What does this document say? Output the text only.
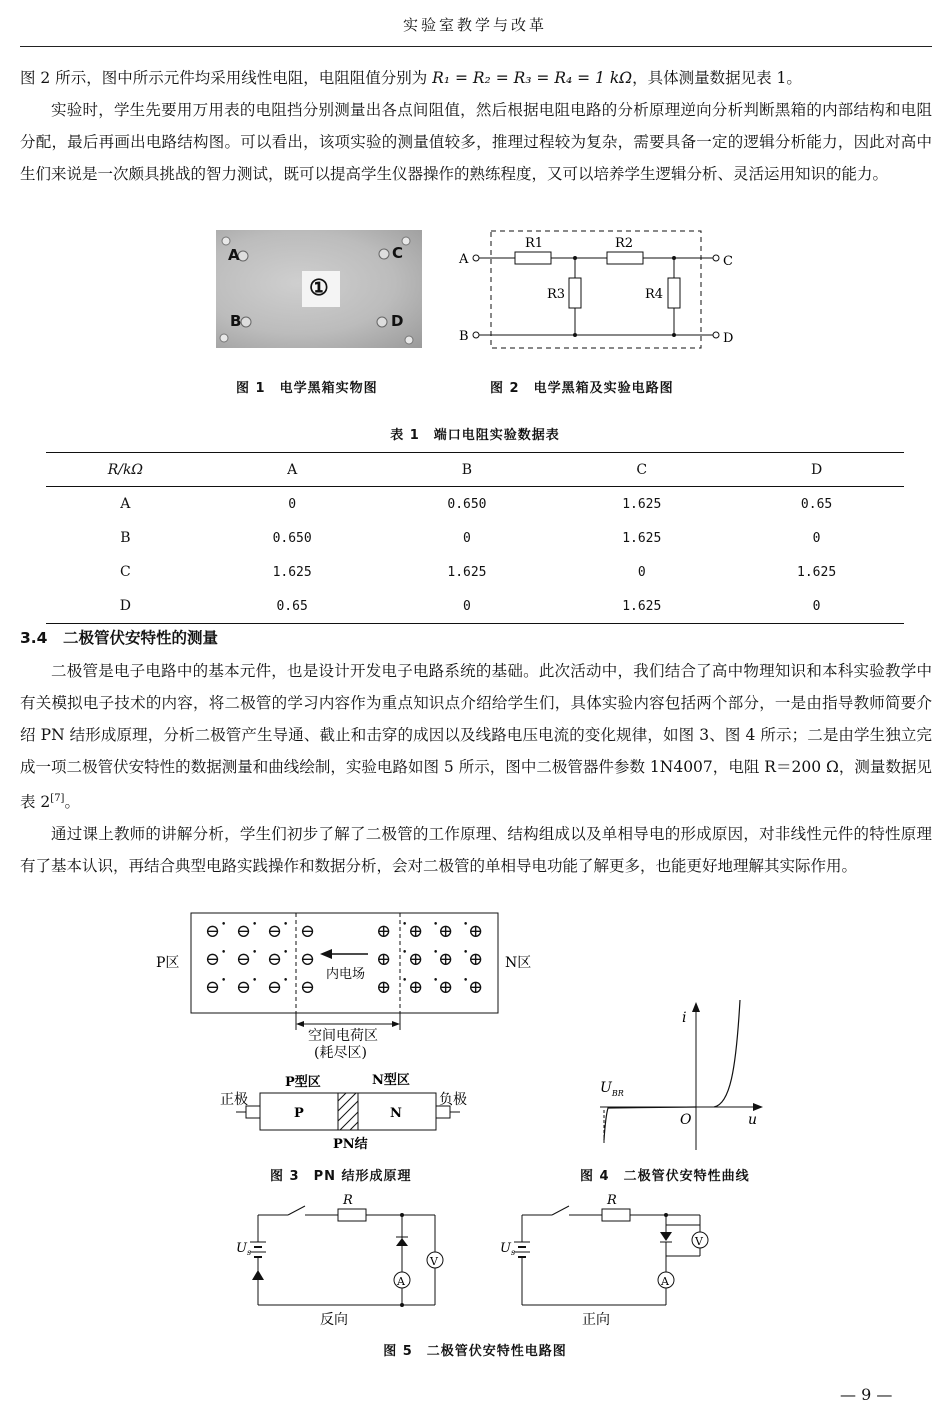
实验室教学与改革

图 2 所示，图中所示元件均采用线性电阻，电阻阻值分别为 R₁ = R₂ = R₃ = R₄ = 1 kΩ，具体测量数据见表 1。

实验时，学生先要用万用表的电阻挡分别测量出各点间阻值，然后根据电阻电路的分析原理逆向分析判断黑箱的内部结构和电阻分配，最后再画出电路结构图。可以看出，该项实验的测量值较多，推理过程较为复杂，需要具备一定的逻辑分析能力，因此对高中生们来说是一次颇具挑战的智力测试，既可以提高学生仪器操作的熟练程度，又可以培养学生逻辑分析、灵活运用知识的能力。

A	C
B	D
①
A
B
C
D
R1	R2
R3	R4
图 1　电学黑箱实物图	图 2　电学黑箱及实验电路图
表 1　端口电阻实验数据表
R/kΩ	A	B	C	D
A	0	0.650	1.625	0.65
B	0.650	0	1.625	0
C	1.625	1.625	0	1.625
D	0.65	0	1.625	0
3.4　二极管伏安特性的测量

二极管是电子电路中的基本元件，也是设计开发电子电路系统的基础。此次活动中，我们结合了高中物理知识和本科实验教学中有关模拟电子技术的内容，将二极管的学习内容作为重点知识点介绍给学生们，具体实验内容包括两个部分，一是由指导教师简要介绍 PN 结形成原理，分析二极管产生导通、截止和击穿的成因以及线路电压电流的变化规律，如图 3、图 4 所示；二是由学生独立完成一项二极管伏安特性的数据测量和曲线绘制，实验电路如图 5 所示，图中二极管器件参数 1N4007，电阻 R＝200 Ω，测量数据见表 2[7]。

通过课上教师的讲解分析，学生们初步了解了二极管的工作原理、结构组成以及单相导电的形成原因，对非线性元件的特性原理有了基本认识，再结合典型电路实践操作和数据分析，会对二极管的单相导电功能了解更多，也能更好地理解其实际作用。

⊖ ⊖ ⊖ ⊖
⊖ ⊖ ⊖ ⊖
⊖ ⊖ ⊖ ⊖
⊕ ⊕ ⊕ ⊕
⊕ ⊕ ⊕ ⊕
⊕ ⊕ ⊕ ⊕
•	•	•
•	•	•
•	•	•
•	•	•
•	•	•
•	•	•
内电场
P区	N区
空间电荷区
(耗尽区)
P型区	N型区
P	N
正极	负极
PN结
i
u
O
$U_{BR}$
图 3　PN 结形成原理	图 4　二极管伏安特性曲线
A
V
R
$U_s$
反向
A
V
R
$U_s$
正向
图 5　二极管伏安特性电路图
— 9 —
